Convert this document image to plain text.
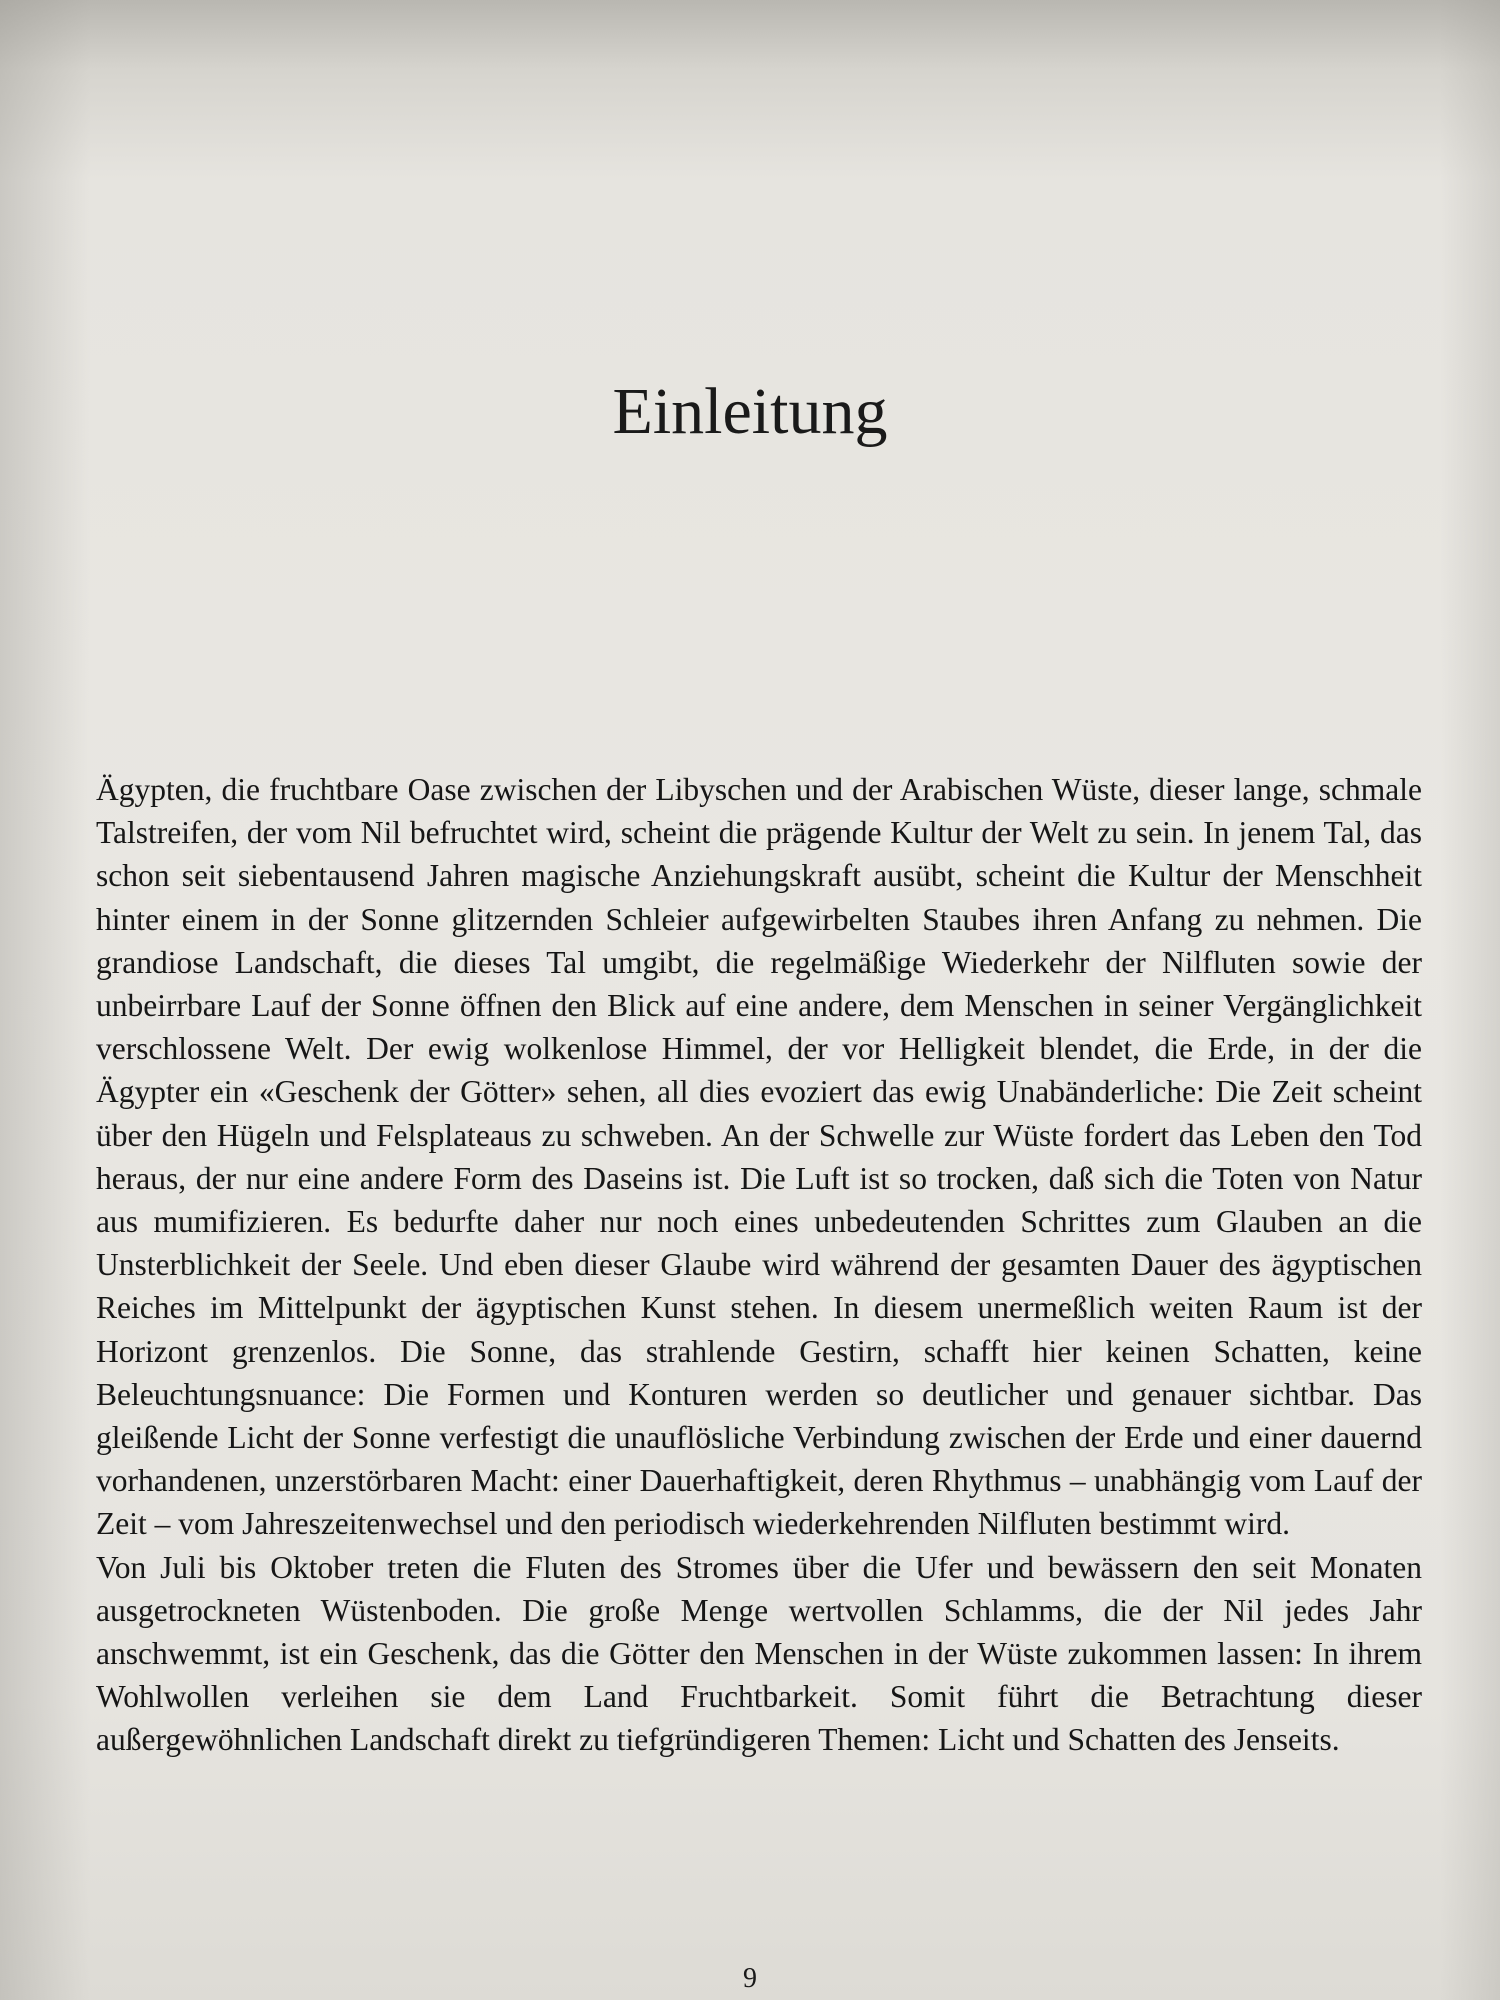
Einleitung

Ägypten, die fruchtbare Oase zwischen der Libyschen und der Arabischen Wüste, dieser lange, schmale Talstreifen, der vom Nil befruchtet wird, scheint die prägende Kultur der Welt zu sein. In jenem Tal, das schon seit siebentausend Jahren magische Anziehungskraft ausübt, scheint die Kultur der Menschheit hinter einem in der Sonne glitzernden Schleier aufgewirbelten Staubes ihren Anfang zu nehmen. Die grandiose Landschaft, die dieses Tal umgibt, die regelmäßige Wiederkehr der Nilfluten sowie der unbeirrbare Lauf der Sonne öffnen den Blick auf eine andere, dem Menschen in seiner Vergänglichkeit verschlossene Welt. Der ewig wolkenlose Himmel, der vor Helligkeit blendet, die Erde, in der die Ägypter ein «Geschenk der Götter» sehen, all dies evoziert das ewig Unabänderliche: Die Zeit scheint über den Hügeln und Felsplateaus zu schweben. An der Schwelle zur Wüste fordert das Leben den Tod heraus, der nur eine andere Form des Daseins ist. Die Luft ist so trocken, daß sich die Toten von Natur aus mumifizieren. Es bedurfte daher nur noch eines unbedeutenden Schrittes zum Glauben an die Unsterblichkeit der Seele. Und eben dieser Glaube wird während der gesamten Dauer des ägyptischen Reiches im Mittelpunkt der ägyptischen Kunst stehen. In diesem unermeßlich weiten Raum ist der Horizont grenzenlos. Die Sonne, das strahlende Gestirn, schafft hier keinen Schatten, keine Beleuchtungsnuance: Die Formen und Konturen werden so deutlicher und genauer sichtbar. Das gleißende Licht der Sonne verfestigt die unauflösliche Verbindung zwischen der Erde und einer dauernd vorhandenen, unzerstörbaren Macht: einer Dauerhaftigkeit, deren Rhythmus – unabhängig vom Lauf der Zeit – vom Jahreszeitenwechsel und den periodisch wiederkehrenden Nilfluten bestimmt wird.

Von Juli bis Oktober treten die Fluten des Stromes über die Ufer und bewässern den seit Monaten ausgetrockneten Wüstenboden. Die große Menge wertvollen Schlamms, die der Nil jedes Jahr anschwemmt, ist ein Geschenk, das die Götter den Menschen in der Wüste zukommen lassen: In ihrem Wohlwollen verleihen sie dem Land Fruchtbarkeit. Somit führt die Betrachtung dieser außergewöhnlichen Landschaft direkt zu tiefgründigeren Themen: Licht und Schatten des Jenseits.

9
